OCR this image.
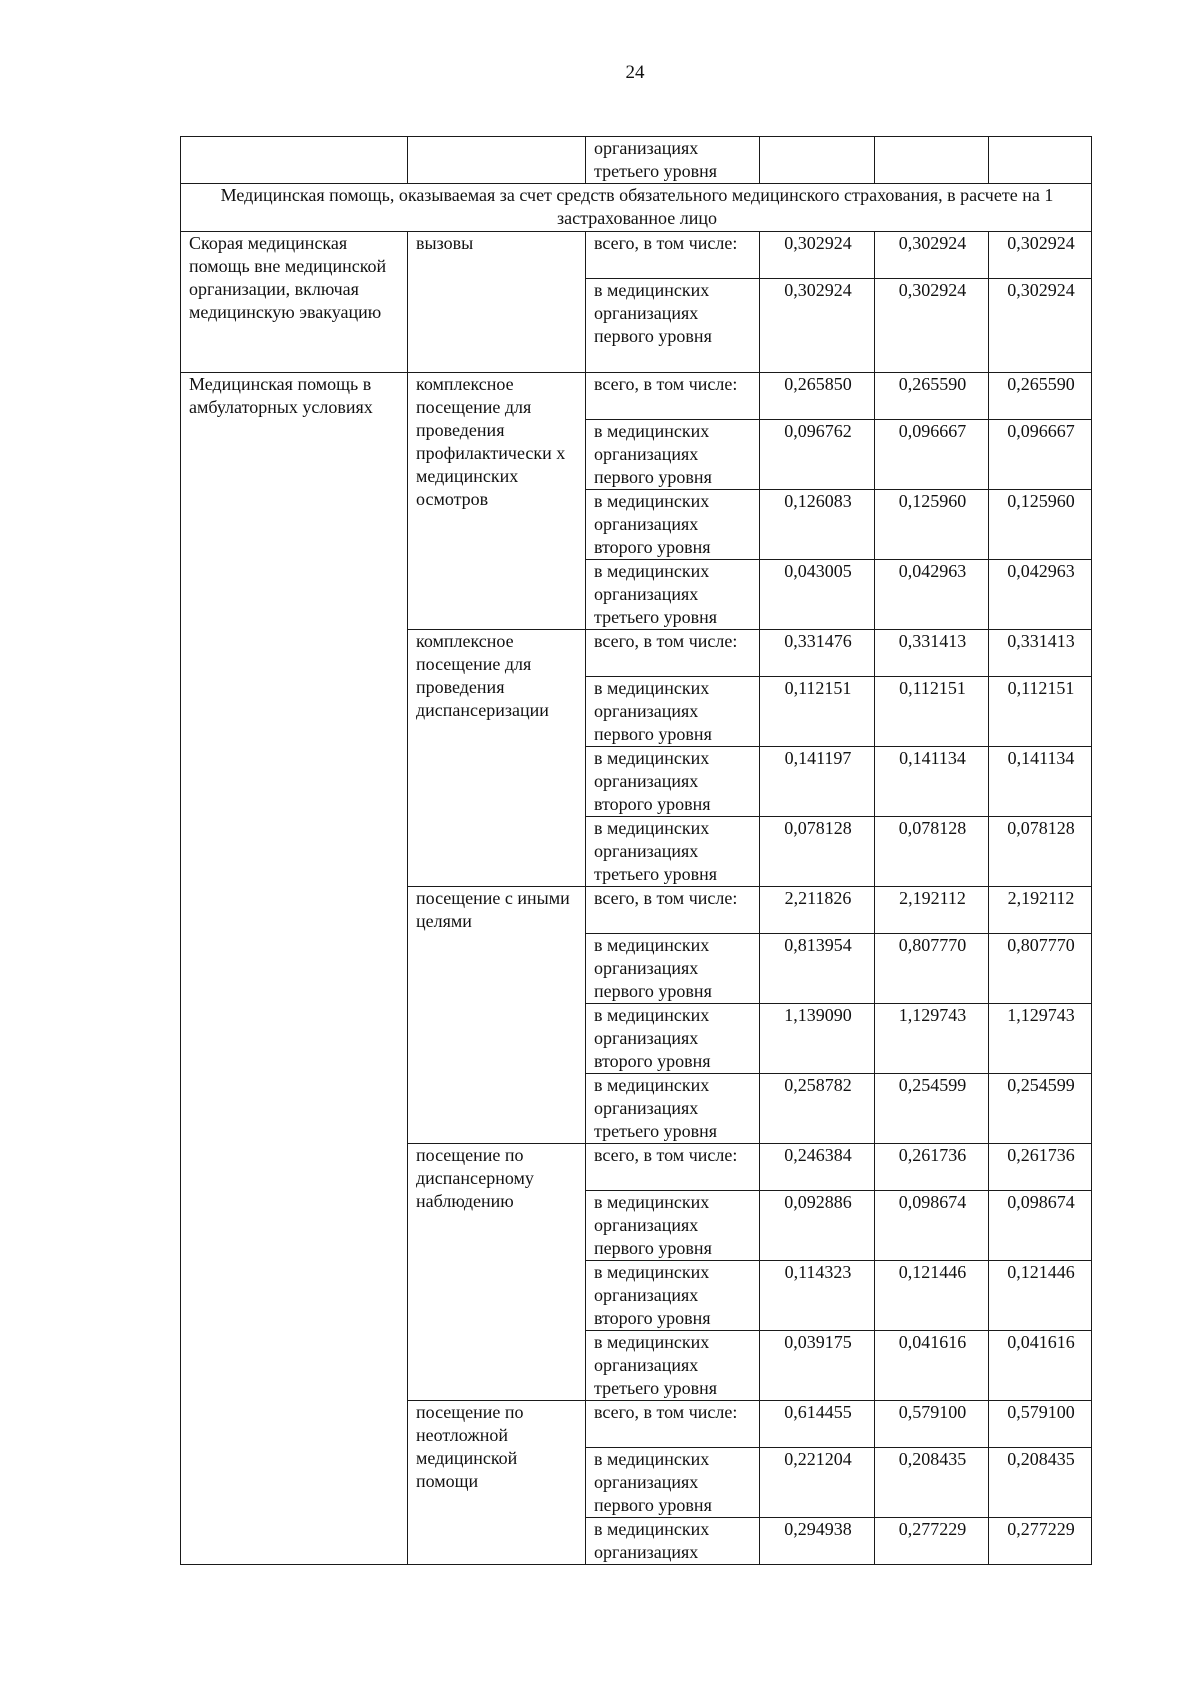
24
		организациях третьего уровня			
Медицинская помощь, оказываемая за счет средств обязательного медицинского страхования, в расчете на 1 застрахованное лицо					
Скорая медицинская помощь вне медицинской организации, включая медицинскую эвакуацию	вызовы	всего, в том числе:	0,302924	0,302924	0,302924
		в медицинских организациях первого уровня	0,302924	0,302924	0,302924
Медицинская помощь в амбулаторных условиях	комплексное посещение для проведения профилактически х медицинских осмотров	всего, в том числе:	0,265850	0,265590	0,265590
		в медицинских организациях первого уровня	0,096762	0,096667	0,096667
		в медицинских организациях второго уровня	0,126083	0,125960	0,125960
		в медицинских организациях третьего уровня	0,043005	0,042963	0,042963
	комплексное посещение для проведения диспансеризации	всего, в том числе:	0,331476	0,331413	0,331413
		в медицинских организациях первого уровня	0,112151	0,112151	0,112151
		в медицинских организациях второго уровня	0,141197	0,141134	0,141134
		в медицинских организациях третьего уровня	0,078128	0,078128	0,078128
	посещение с иными целями	всего, в том числе:	2,211826	2,192112	2,192112
		в медицинских организациях первого уровня	0,813954	0,807770	0,807770
		в медицинских организациях второго уровня	1,139090	1,129743	1,129743
		в медицинских организациях третьего уровня	0,258782	0,254599	0,254599
	посещение по диспансерному наблюдению	всего, в том числе:	0,246384	0,261736	0,261736
		в медицинских организациях первого уровня	0,092886	0,098674	0,098674
		в медицинских организациях второго уровня	0,114323	0,121446	0,121446
		в медицинских организациях третьего уровня	0,039175	0,041616	0,041616
	посещение по неотложной медицинской помощи	всего, в том числе:	0,614455	0,579100	0,579100
		в медицинских организациях первого уровня	0,221204	0,208435	0,208435
		в медицинских организациях	0,294938	0,277229	0,277229
